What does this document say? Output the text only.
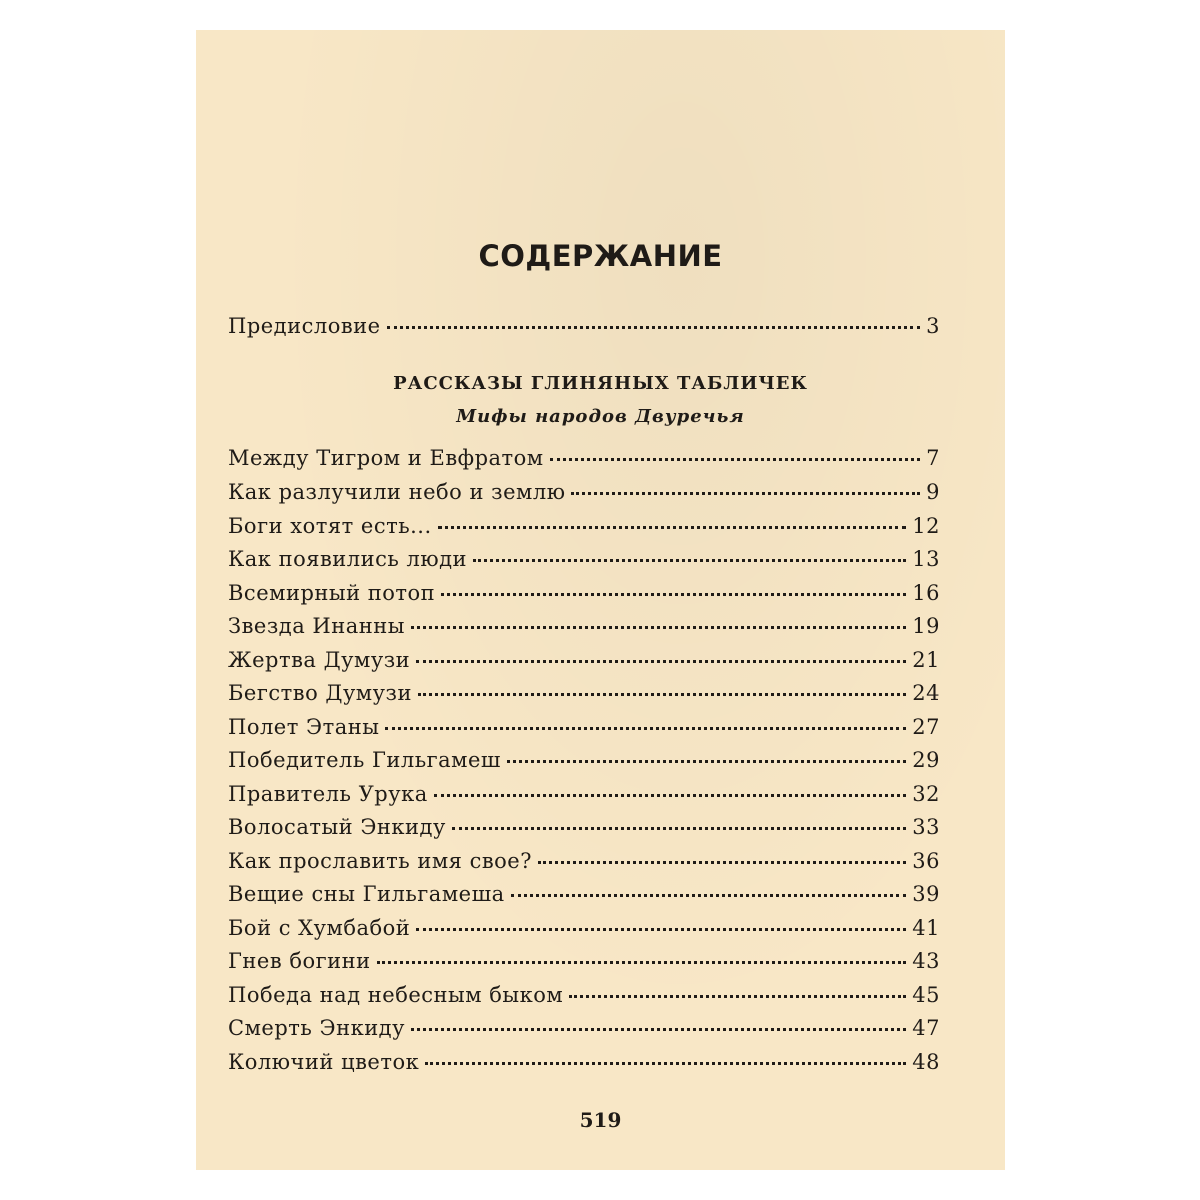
СОДЕРЖАНИЕ
Предисловие	3
РАССКАЗЫ ГЛИНЯНЫХ ТАБЛИЧЕК
Мифы народов Двуречья
Между Тигром и Евфратом	7
Как разлучили небо и землю	9
Боги хотят есть...	12
Как появились люди	13
Всемирный потоп	16
Звезда Инанны	19
Жертва Думузи	21
Бегство Думузи	24
Полет Этаны	27
Победитель Гильгамеш	29
Правитель Урука	32
Волосатый Энкиду	33
Как прославить имя свое?	36
Вещие сны Гильгамеша	39
Бой с Хумбабой	41
Гнев богини	43
Победа над небесным быком	45
Смерть Энкиду	47
Колючий цветок	48
519
